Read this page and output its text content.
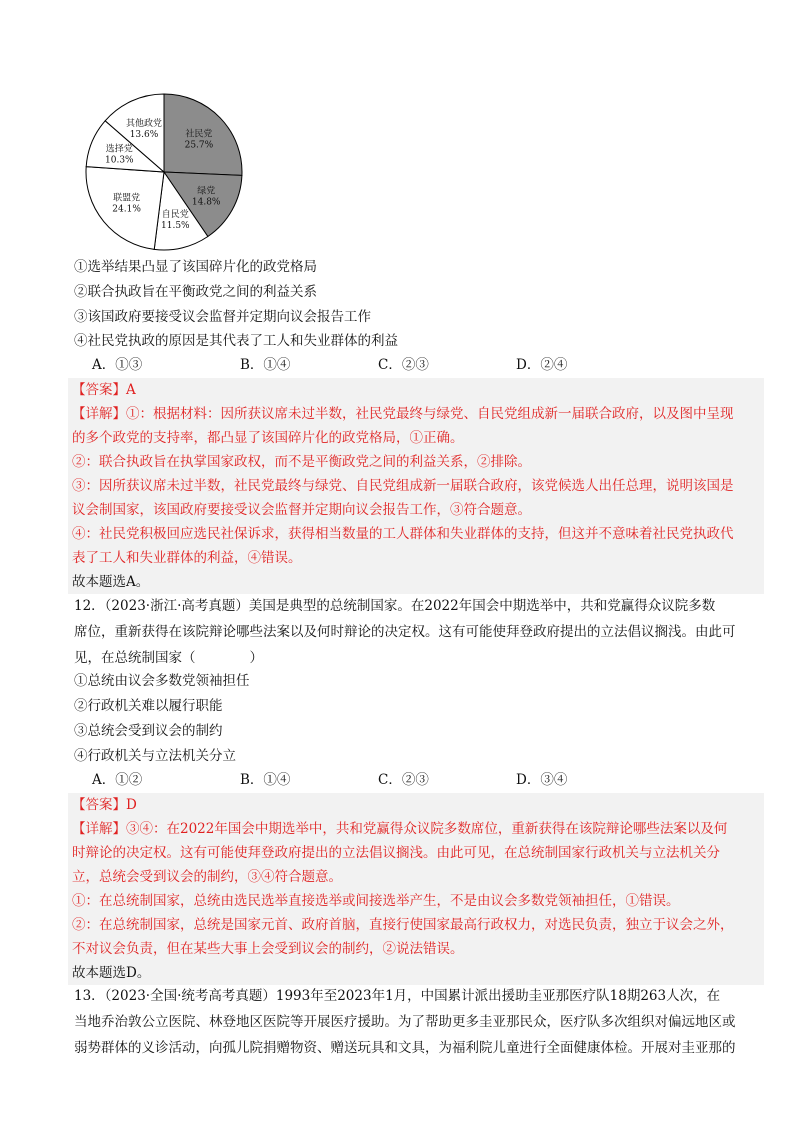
社民党
25.7%
绿党
14.8%
自民党
11.5%
联盟党
24.1%
选择党
10.3%
其他政党
13.6%
①选举结果凸显了该国碎片化的政党格局
②联合执政旨在平衡政党之间的利益关系
③该国政府要接受议会监督并定期向议会报告工作
④社民党执政的原因是其代表了工人和失业群体的利益
A．①③	B．①④	C．②③	D．②④

【答案】A

【详解】①：根据材料：因所获议席未过半数，社民党最终与绿党、自民党组成新一届联合政府，以及图中呈现

的多个政党的支持率，都凸显了该国碎片化的政党格局，①正确。

②：联合执政旨在执掌国家政权，而不是平衡政党之间的利益关系，②排除。

③：因所获议席未过半数，社民党最终与绿党、自民党组成新一届联合政府，该党候选人出任总理，说明该国是

议会制国家，该国政府要接受议会监督并定期向议会报告工作，③符合题意。

④：社民党积极回应选民社保诉求，获得相当数量的工人群体和失业群体的支持，但这并不意味着社民党执政代

表了工人和失业群体的利益，④错误。

故本题选A。

12．（2023·浙江·高考真题）美国是典型的总统制国家。在2022年国会中期选举中，共和党赢得众议院多数

席位，重新获得在该院辩论哪些法案以及何时辩论的决定权。这有可能使拜登政府提出的立法倡议搁浅。由此可

见，在总统制国家（　　　　）

①总统由议会多数党领袖担任
②行政机关难以履行职能
③总统会受到议会的制约
④行政机关与立法机关分立
A．①②	B．①④	C．②③	D．③④

【答案】D

【详解】③④：在2022年国会中期选举中，共和党赢得众议院多数席位，重新获得在该院辩论哪些法案以及何

时辩论的决定权。这有可能使拜登政府提出的立法倡议搁浅。由此可见，在总统制国家行政机关与立法机关分

立，总统会受到议会的制约，③④符合题意。

①：在总统制国家，总统由选民选举直接选举或间接选举产生，不是由议会多数党领袖担任，①错误。

②：在总统制国家，总统是国家元首、政府首脑，直接行使国家最高行政权力，对选民负责，独立于议会之外，

不对议会负责，但在某些大事上会受到议会的制约，②说法错误。

故本题选D。

13．（2023·全国·统考高考真题）1993年至2023年1月，中国累计派出援助圭亚那医疗队18期263人次，在

当地乔治敦公立医院、林登地区医院等开展医疗援助。为了帮助更多圭亚那民众，医疗队多次组织对偏远地区或

弱势群体的义诊活动，向孤儿院捐赠物资、赠送玩具和文具，为福利院儿童进行全面健康体检。开展对圭亚那的
